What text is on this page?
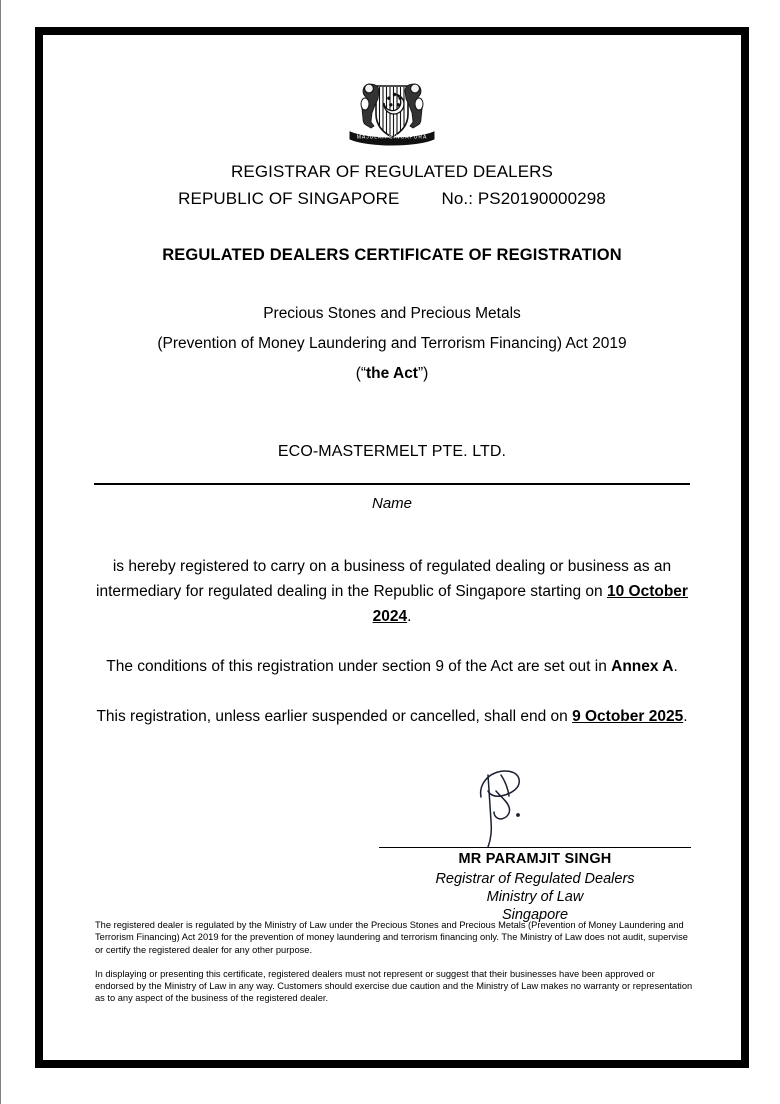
MAJULAH SINGAPURA
REGISTRAR OF REGULATED DEALERS
REPUBLIC OF SINGAPORE No.: PS20190000298
REGULATED DEALERS CERTIFICATE OF REGISTRATION
Precious Stones and Precious Metals
(Prevention of Money Laundering and Terrorism Financing) Act 2019
(“the Act”)
ECO-MASTERMELT PTE. LTD.
Name
is hereby registered to carry on a business of regulated dealing or business as an intermediary for regulated dealing in the Republic of Singapore starting on 10 October 2024.
The conditions of this registration under section 9 of the Act are set out in Annex A.
This registration, unless earlier suspended or cancelled, shall end on 9 October 2025.
MR PARAMJIT SINGH
Registrar of Regulated Dealers
Ministry of Law
Singapore
The registered dealer is regulated by the Ministry of Law under the Precious Stones and Precious Metals (Prevention of Money Laundering and Terrorism Financing) Act 2019 for the prevention of money laundering and terrorism financing only. The Ministry of Law does not audit, supervise or certify the registered dealer for any other purpose.
In displaying or presenting this certificate, registered dealers must not represent or suggest that their businesses have been approved or endorsed by the Ministry of Law in any way. Customers should exercise due caution and the Ministry of Law makes no warranty or representation as to any aspect of the business of the registered dealer.
